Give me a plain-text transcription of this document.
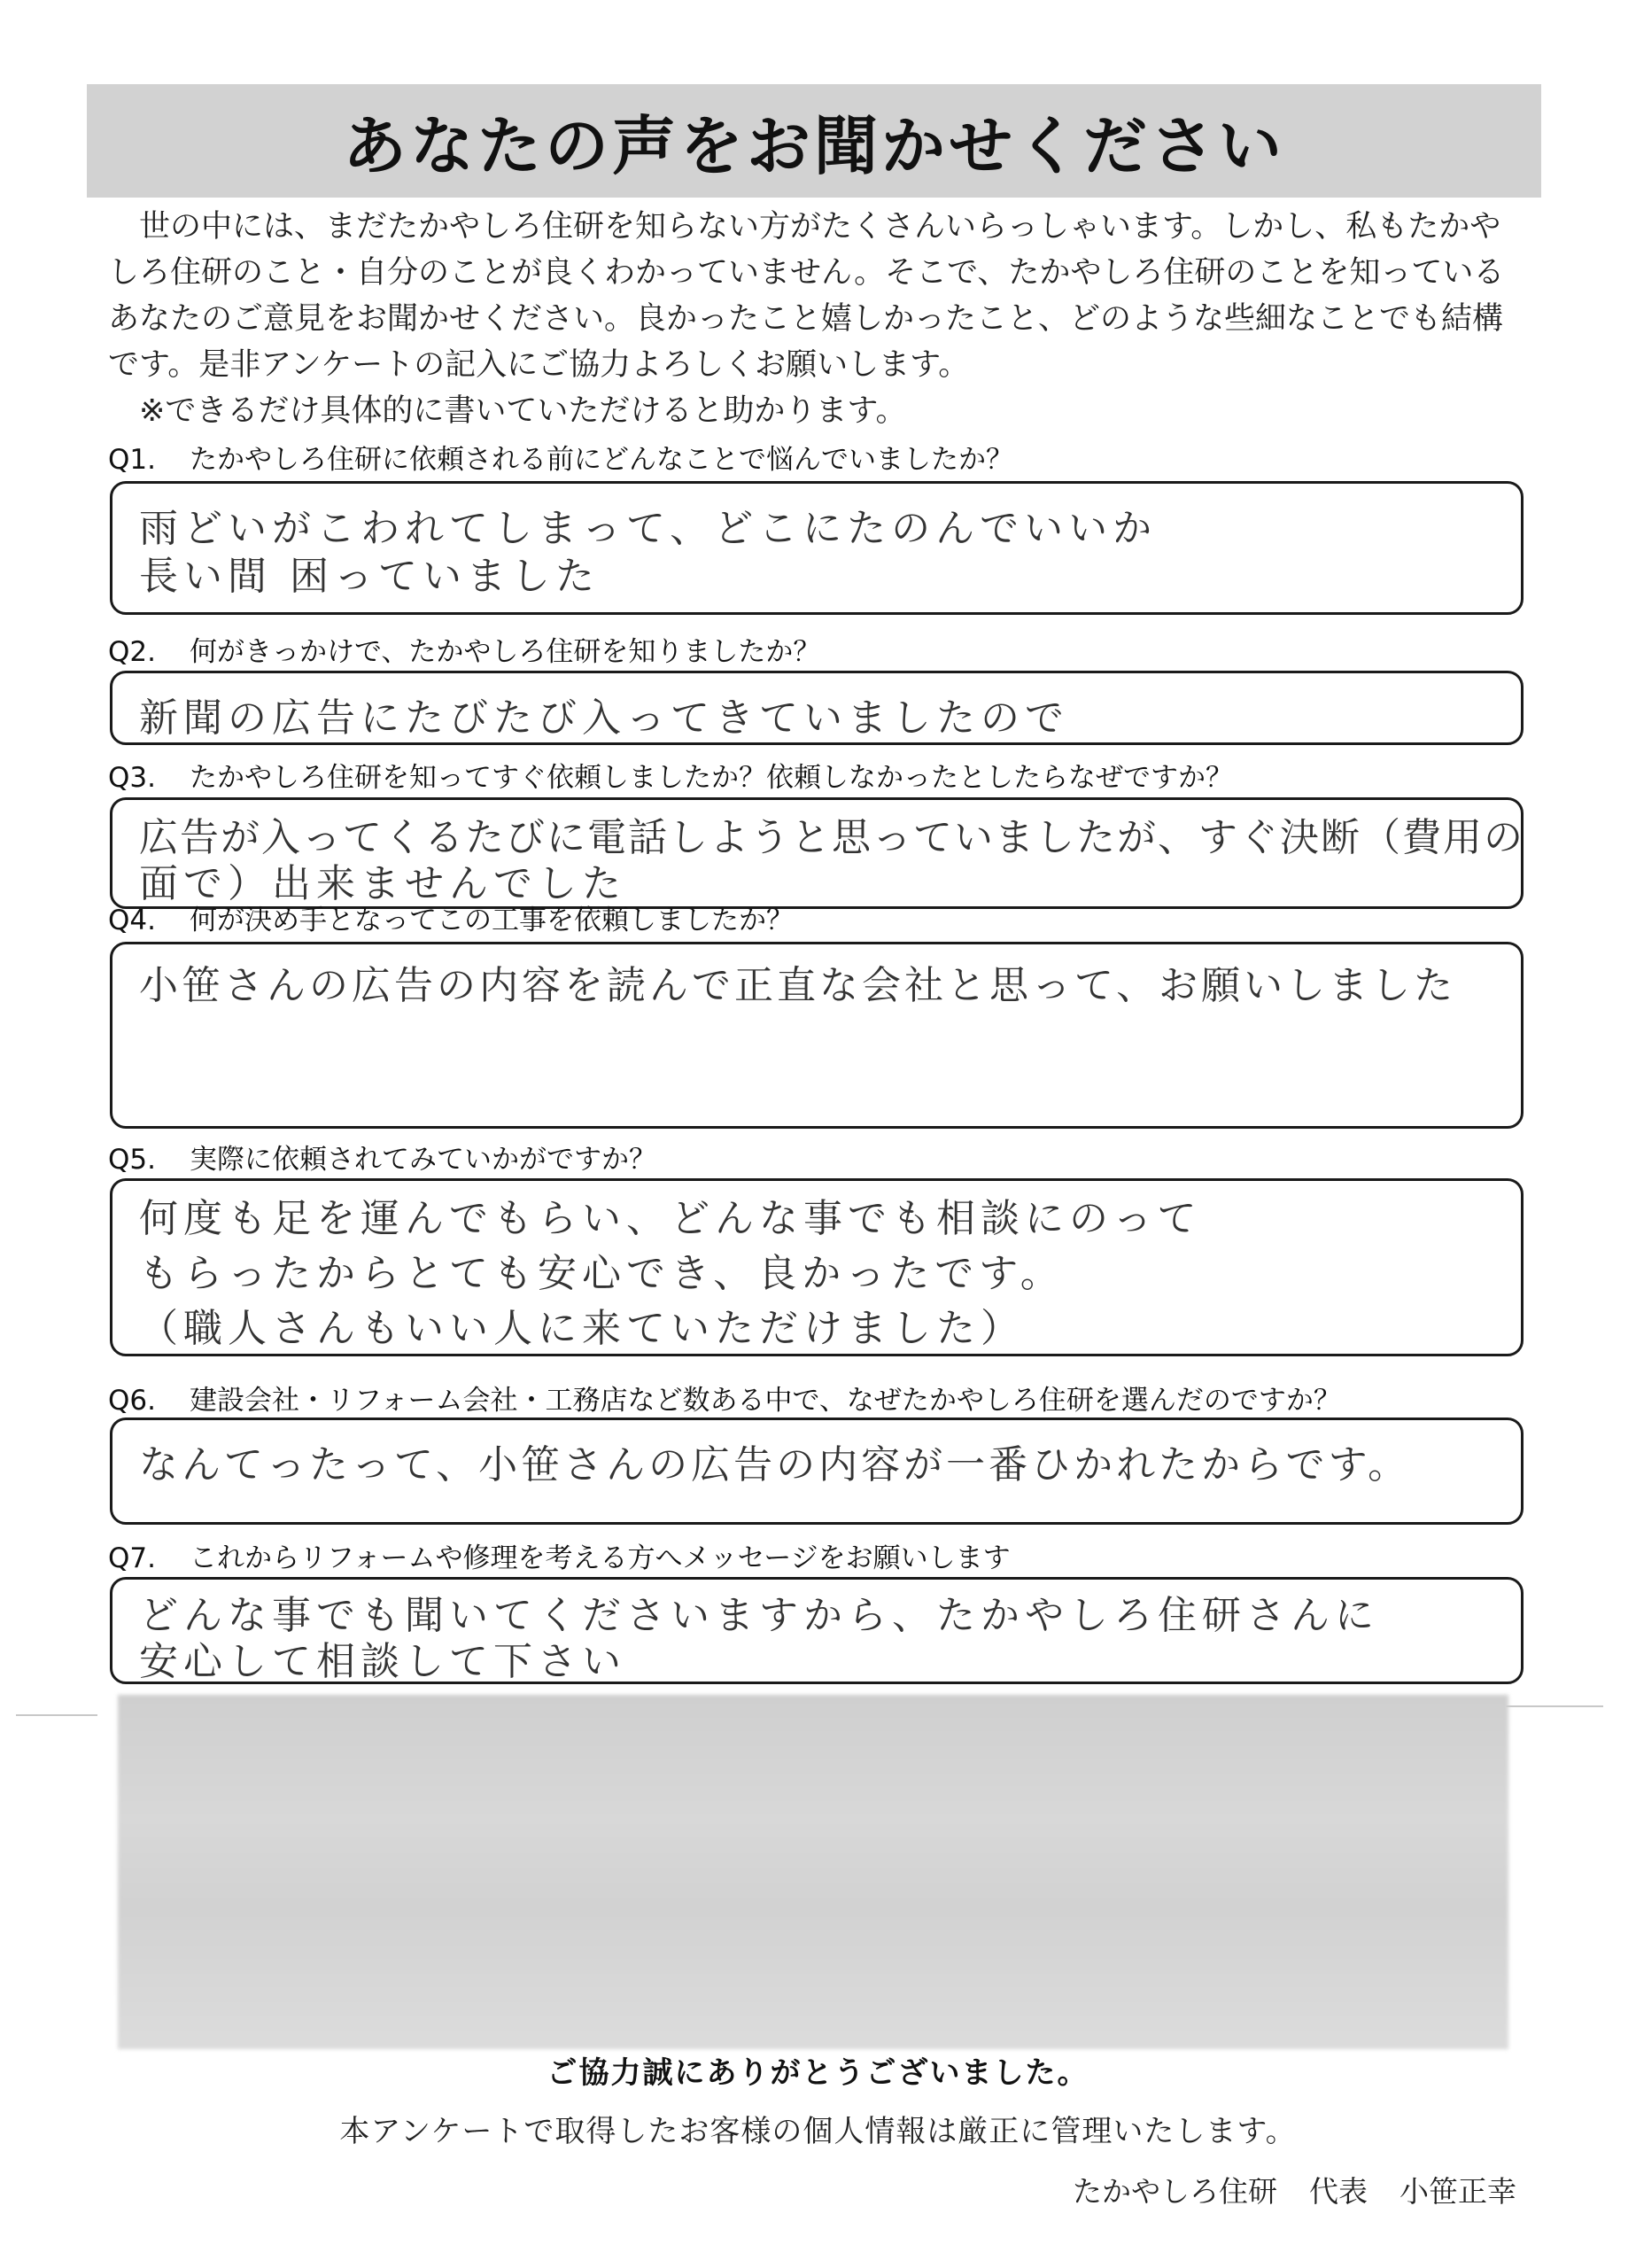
あなたの声をお聞かせください

世の中には、まだたかやしろ住研を知らない方がたくさんいらっしゃいます。しかし、私もたかやしろ住研のこと・自分のことが良くわかっていません。そこで、たかやしろ住研のことを知っているあなたのご意見をお聞かせください。良かったこと嬉しかったこと、どのような些細なことでも結構です。是非アンケートの記入にご協力よろしくお願いします。

※できるだけ具体的に書いていただけると助かります。

Q1. たかやしろ住研に依頼される前にどんなことで悩んでいましたか？
雨どいがこわれてしまって、どこにたのんでいいか
長い間 困っていました
Q2. 何がきっかけで、たかやしろ住研を知りましたか？
新聞の広告にたびたび入ってきていましたので
Q3. たかやしろ住研を知ってすぐ依頼しましたか？依頼しなかったとしたらなぜですか？
広告が入ってくるたびに電話しようと思っていましたが、すぐ決断（費用の
面で）出来ませんでした
Q4. 何が決め手となってこの工事を依頼しましたか？
小笹さんの広告の内容を読んで正直な会社と思って、お願いしました
Q5. 実際に依頼されてみていかがですか？
何度も足を運んでもらい、どんな事でも相談にのって
もらったからとても安心でき、良かったです。
（職人さんもいい人に来ていただけました）
Q6. 建設会社・リフォーム会社・工務店など数ある中で、なぜたかやしろ住研を選んだのですか？
なんてったって、小笹さんの広告の内容が一番ひかれたからです。
Q7. これからリフォームや修理を考える方へメッセージをお願いします
どんな事でも聞いてくださいますから、たかやしろ住研さんに
安心して相談して下さい
ご協力誠にありがとうございました。
本アンケートで取得したお客様の個人情報は厳正に管理いたします。
たかやしろ住研 代表 小笹正幸
